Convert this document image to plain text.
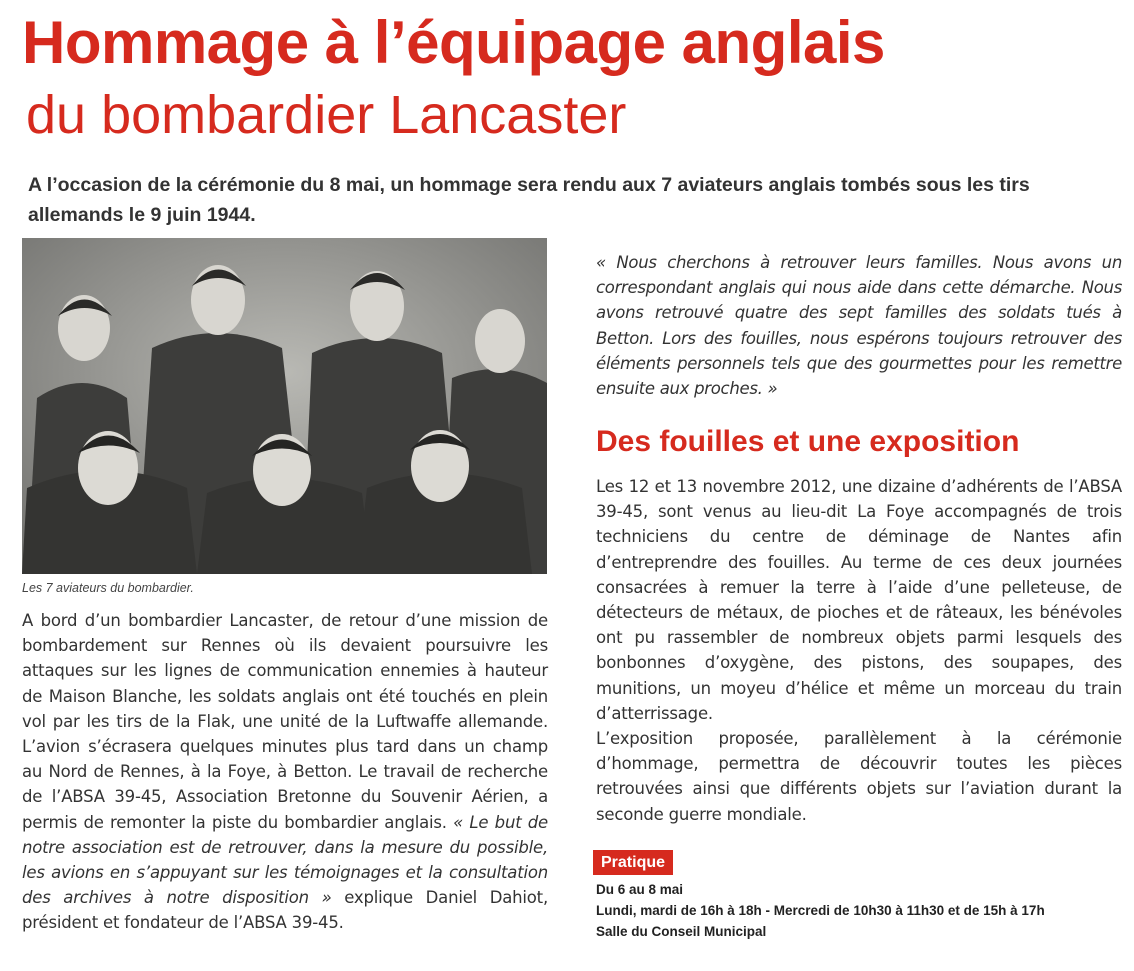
Hommage à l’équipage anglais
du bombardier Lancaster

A l’occasion de la cérémonie du 8 mai, un hommage sera rendu aux 7 aviateurs anglais tombés sous les tirs allemands le 9 juin 1944.

Les 7 aviateurs du bombardier.

A bord d’un bombardier Lancaster, de retour d’une mission de bombardement sur Rennes où ils devaient poursuivre les attaques sur les lignes de communication ennemies à hauteur de Maison Blanche, les soldats anglais ont été touchés en plein vol par les tirs de la Flak, une unité de la Luftwaffe allemande. L’avion s’écrasera quelques minutes plus tard dans un champ au Nord de Rennes, à la Foye, à Betton. Le travail de recherche de l’ABSA 39-45, Association Bretonne du Souvenir Aérien, a permis de remonter la piste du bombardier anglais. « Le but de notre association est de retrouver, dans la mesure du possible, les avions en s’appuyant sur les témoignages et la consultation des archives à notre disposition » explique Daniel Dahiot, président et fondateur de l’ABSA 39-45.

« Nous cherchons à retrouver leurs familles. Nous avons un correspondant anglais qui nous aide dans cette démarche. Nous avons retrouvé quatre des sept familles des soldats tués à Betton. Lors des fouilles, nous espérons toujours retrouver des éléments personnels tels que des gourmettes pour les remettre ensuite aux proches. »

Des fouilles et une exposition

Les 12 et 13 novembre 2012, une dizaine d’adhérents de l’ABSA 39-45, sont venus au lieu-dit La Foye accompagnés de trois techniciens du centre de déminage de Nantes afin d’entreprendre des fouilles. Au terme de ces deux journées consacrées à remuer la terre à l’aide d’une pelleteuse, de détecteurs de métaux, de pioches et de râteaux, les bénévoles ont pu rassembler de nombreux objets parmi lesquels des bonbonnes d’oxygène, des pistons, des soupapes, des munitions, un moyeu d’hélice et même un morceau du train d’atterrissage.

L’exposition proposée, parallèlement à la cérémonie d’hommage, permettra de découvrir toutes les pièces retrouvées ainsi que différents objets sur l’aviation durant la seconde guerre mondiale.

Pratique

Du 6 au 8 mai

Lundi, mardi de 16h à 18h - Mercredi de 10h30 à 11h30 et de 15h à 17h

Salle du Conseil Municipal
